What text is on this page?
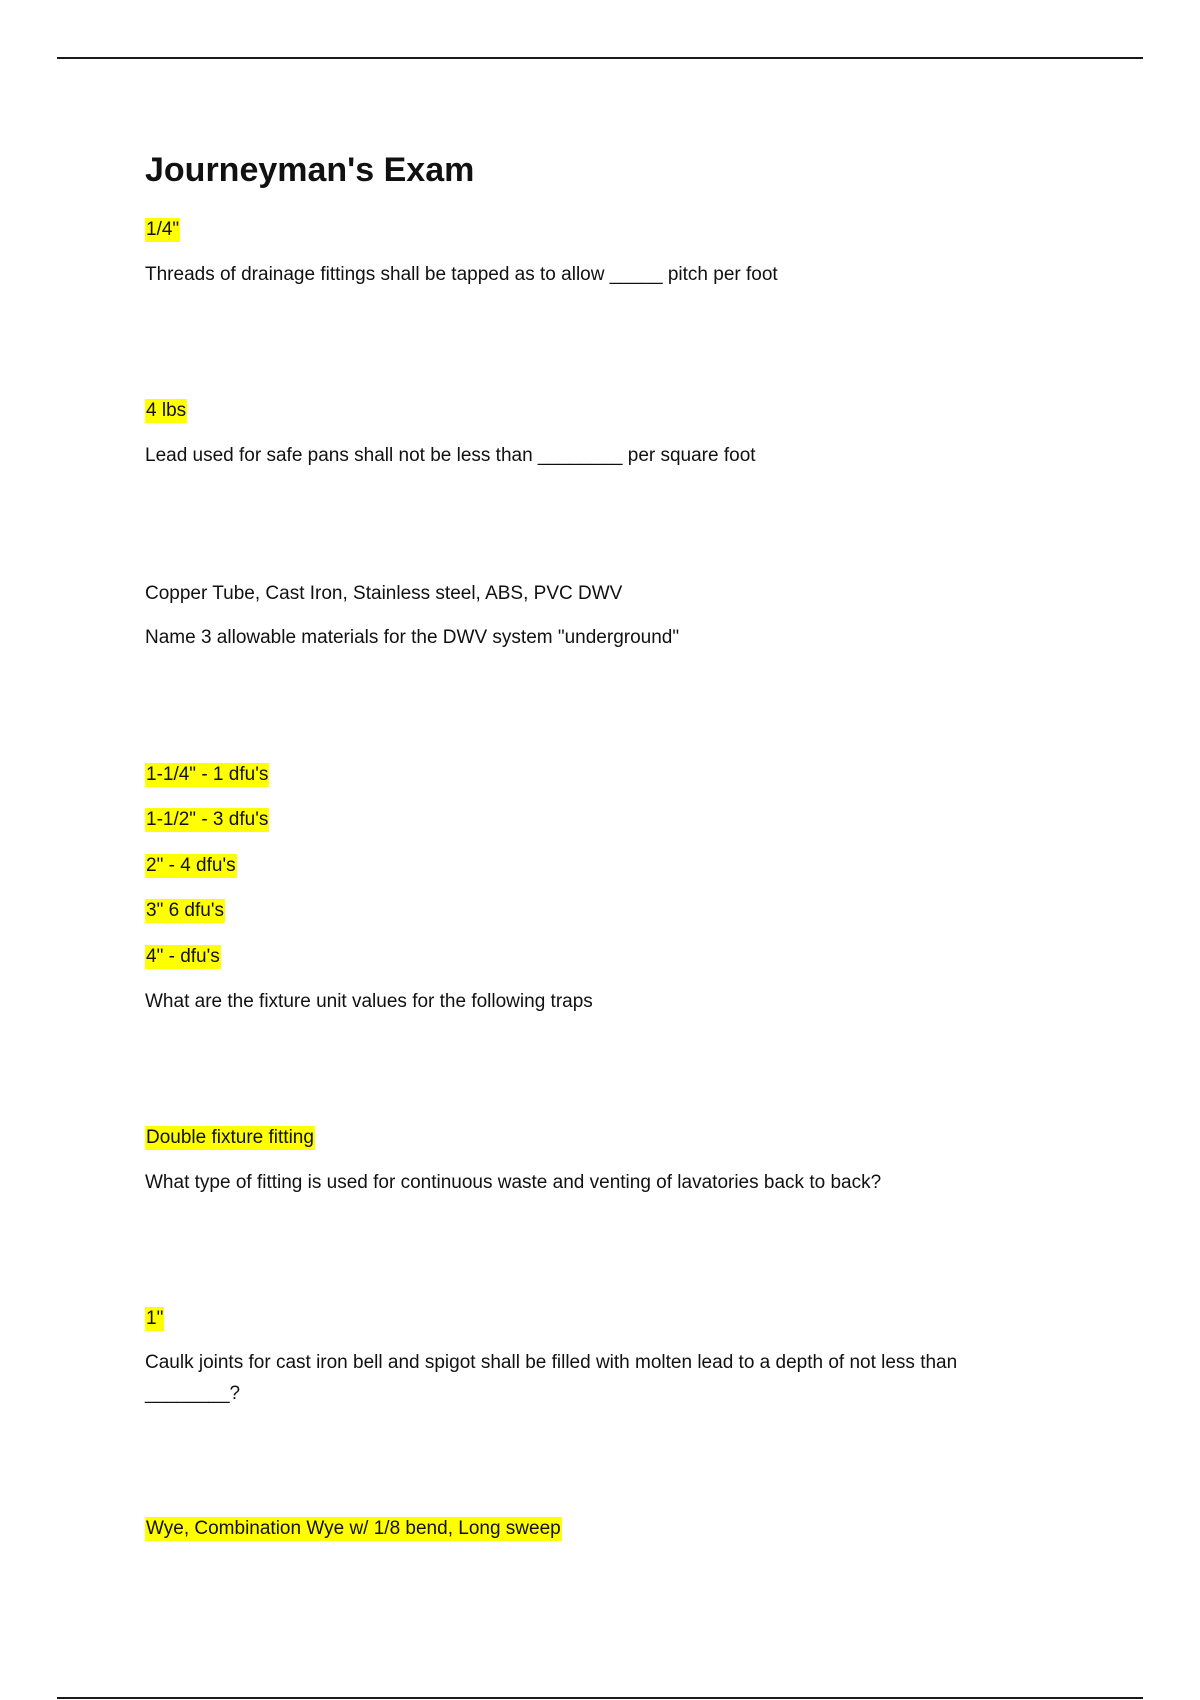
Journeyman's Exam

1/4"

Threads of drainage fittings shall be tapped as to allow _____ pitch per foot

4 lbs

Lead used for safe pans shall not be less than ________ per square foot

Copper Tube, Cast Iron, Stainless steel, ABS, PVC DWV

Name 3 allowable materials for the DWV system "underground"

1-1/4" - 1 dfu's

1-1/2" - 3 dfu's

2" - 4 dfu's

3" 6 dfu's

4" - dfu's

What are the fixture unit values for the following traps

Double fixture fitting

What type of fitting is used for continuous waste and venting of lavatories back to back?

1"

Caulk joints for cast iron bell and spigot shall be filled with molten lead to a depth of not less than ________?

Wye, Combination Wye w/ 1/8 bend, Long sweep
